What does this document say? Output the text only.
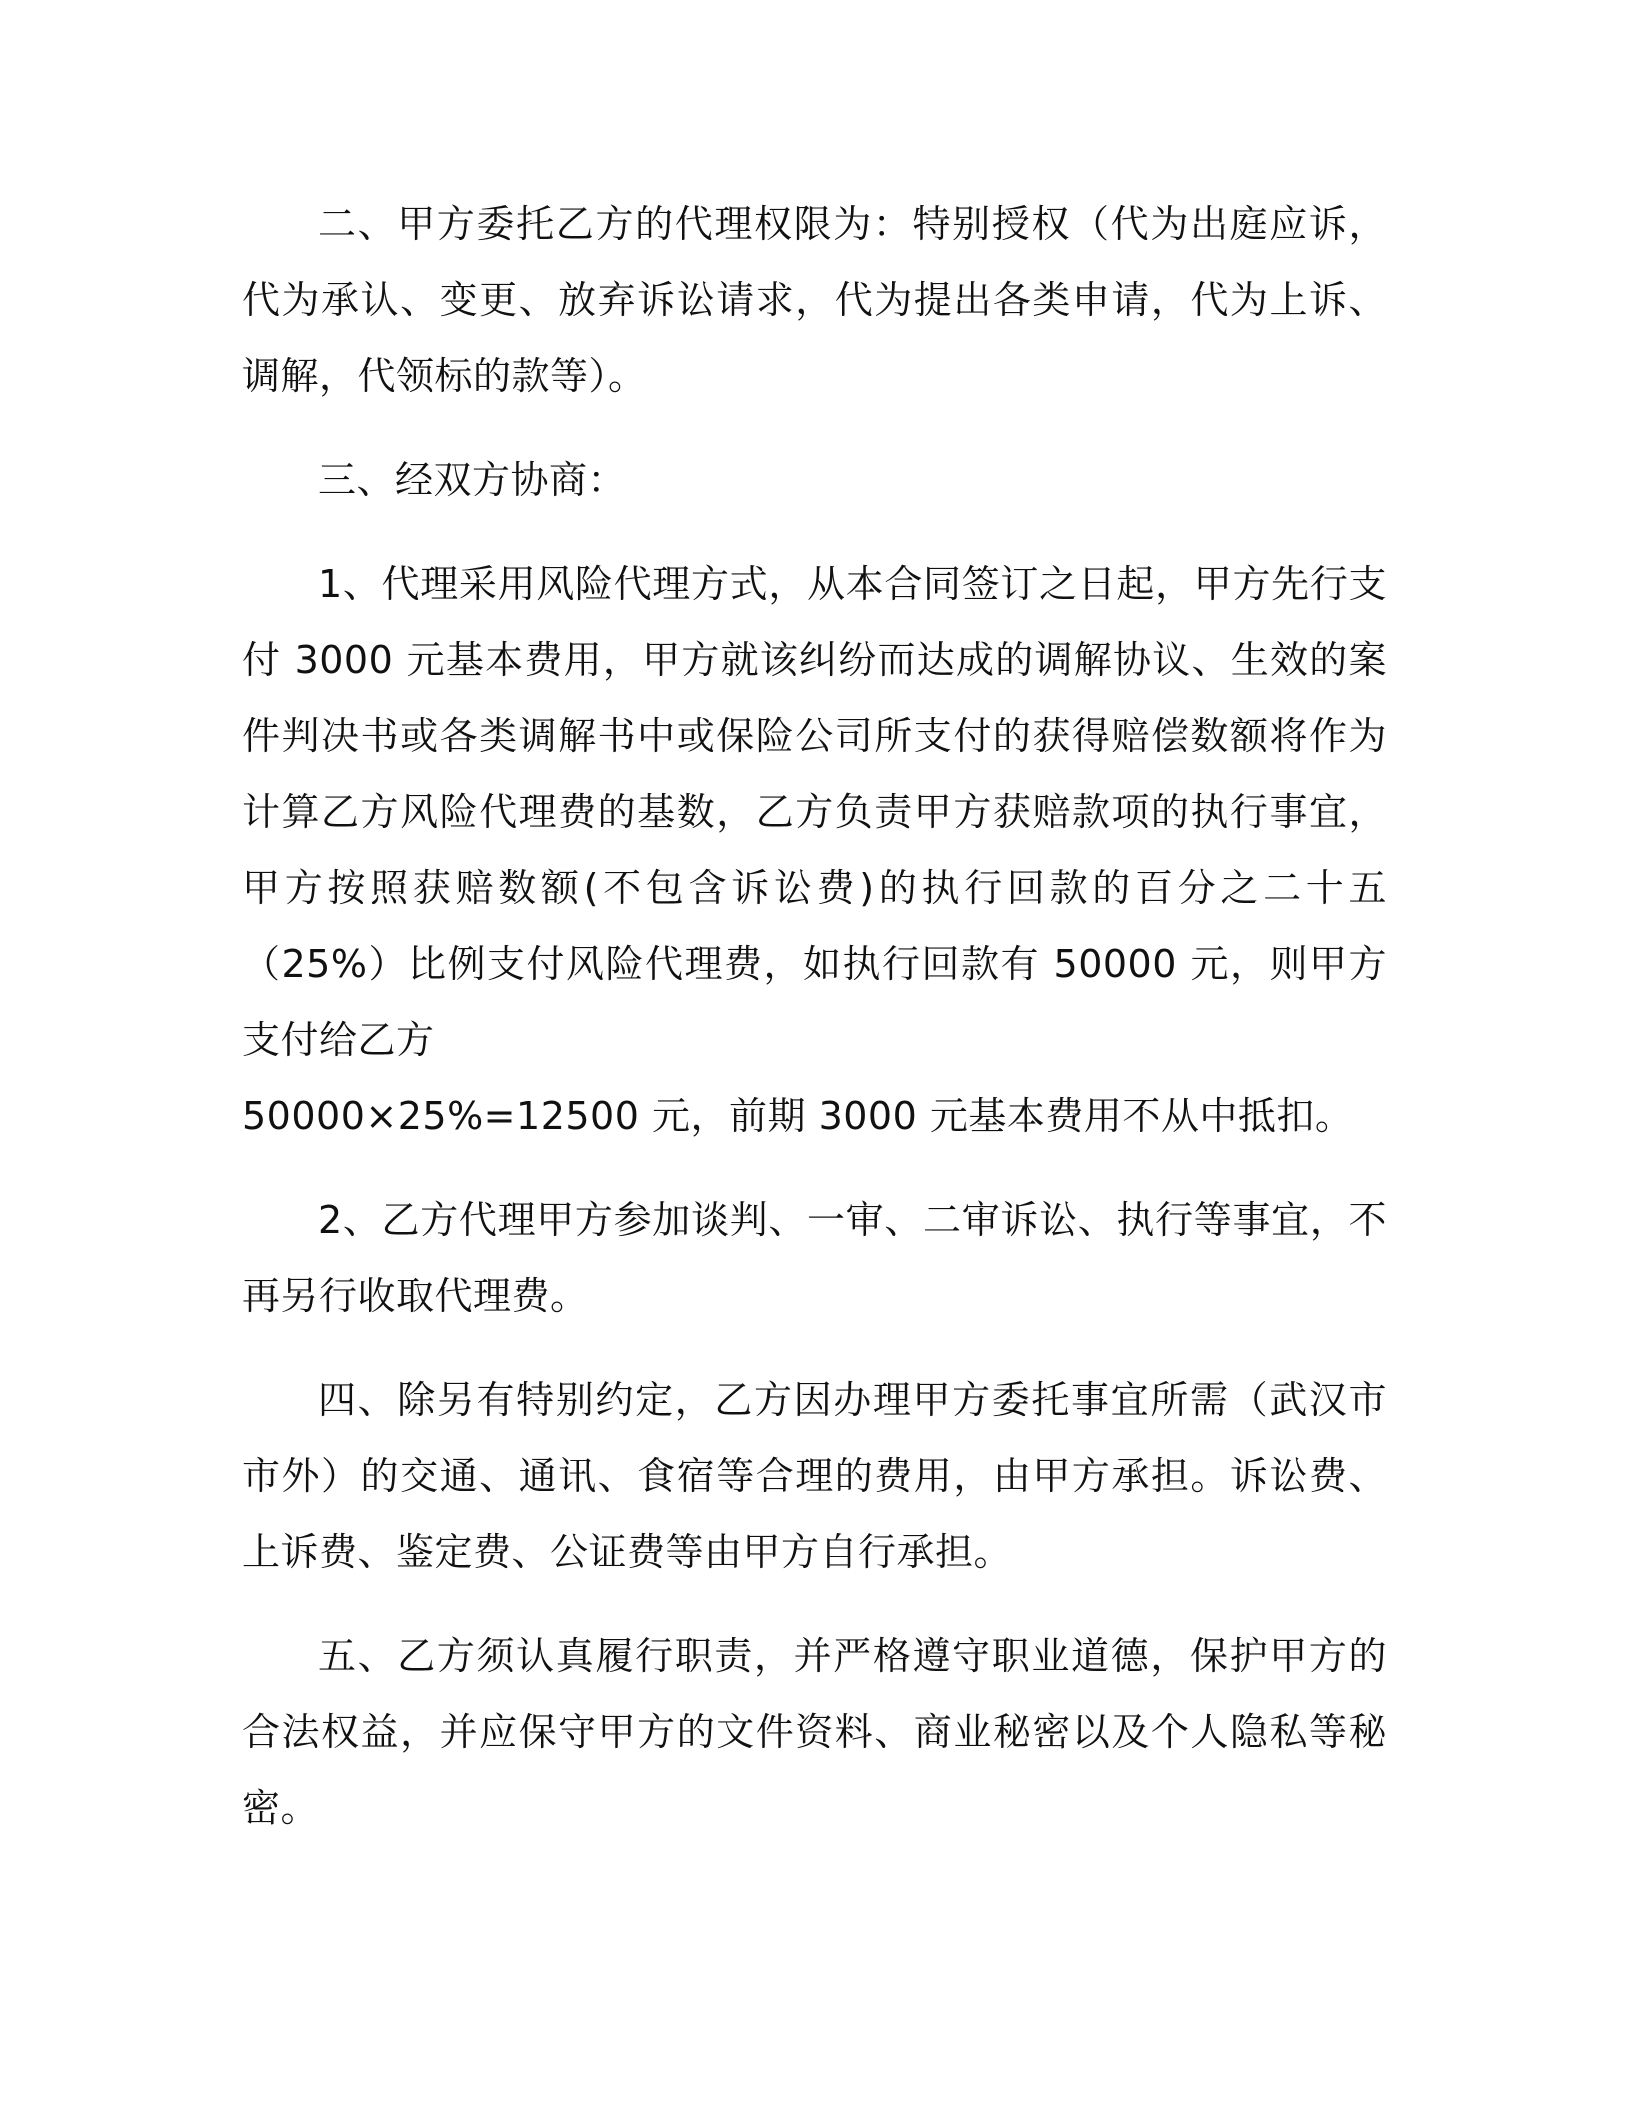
二、甲方委托乙方的代理权限为：特别授权（代为出庭应诉，代为承认、变更、放弃诉讼请求，代为提出各类申请，代为上诉、调解，代领标的款等）。

三、经双方协商：

1、代理采用风险代理方式，从本合同签订之日起，甲方先行支付 3000 元基本费用，甲方就该纠纷而达成的调解协议、生效的案件判决书或各类调解书中或保险公司所支付的获得赔偿数额将作为计算乙方风险代理费的基数，乙方负责甲方获赔款项的执行事宜，甲方按照获赔数额(不包含诉讼费)的执行回款的百分之二十五（25%）比例支付风险代理费，如执行回款有 50000 元，则甲方支付给乙方
50000×25%=12500 元，前期 3000 元基本费用不从中抵扣。

2、乙方代理甲方参加谈判、一审、二审诉讼、执行等事宜，不再另行收取代理费。

四、除另有特别约定，乙方因办理甲方委托事宜所需（武汉市市外）的交通、通讯、食宿等合理的费用，由甲方承担。诉讼费、上诉费、鉴定费、公证费等由甲方自行承担。

五、乙方须认真履行职责，并严格遵守职业道德，保护甲方的合法权益，并应保守甲方的文件资料、商业秘密以及个人隐私等秘密。
